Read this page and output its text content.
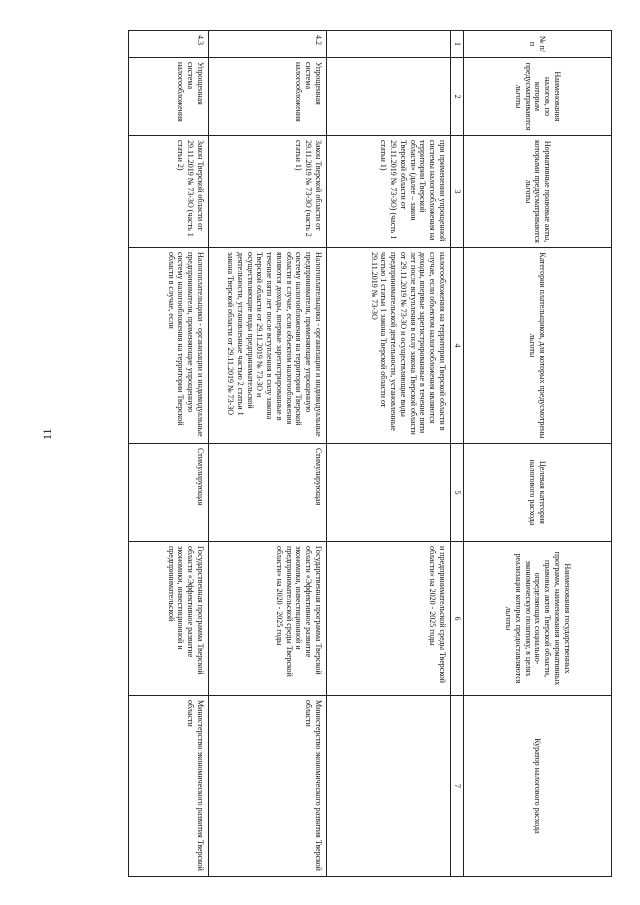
11
№ п/п	Наименования налогов, по которым предусматриваются льготы	Нормативные правовые акты, которыми предусматриваются льготы	Категории плательщиков, для которых предусмотрены льготы	Целевая категория налогового расхода	Наименования государственных программ, наименования нормативных правовых актов Тверской области, определяющих социально-экономическую политику, в целях реализации которых предоставляются льготы	Куратор налогового расхода
1	2	3	4	5	6	7
		при применении упрощенной системы налогообложения на территории Тверской области» (далее – закон Тверской области от 29.11.2019 № 73-ЗО) (часть 1 статьи 1)	налогообложения на территории Тверской области в случае, если объектом налогообложения являются доходы, впервые зарегистрированные в течение пяти лет после вступления в силу закона Тверской области от 29.11.2019 № 73-ЗО и осуществляющие виды предпринимательской деятельности, установленные частью 1 статьи 1 закона Тверской области от 29.11.2019 № 73-ЗО		и предпринимательской среды Тверской области» на 2020 - 2025 годы	
4.2	Упрощенная система налогообложения	Закон Тверской области от 29.11.2019 № 73-ЗО (часть 2 статьи 1)	Налогоплательщики - организации и индивидуальные предприниматели, применяющие упрощенную систему налогообложения на территории Тверской области в случае, если объектом налогообложения являются доходы, впервые зарегистрированные в течение пяти лет после вступления в силу закона Тверской области от 29.11.2019 № 73-ЗО и осуществляющие виды предпринимательской деятельности, установленные частью 2 статьи 1 закона Тверской области от 29.11.2019 № 73-ЗО	Стимулирующая	Государственная программа Тверской области «Эффективное развитие экономики, инвестиционной и предпринимательской среды Тверской области» на 2020 - 2025 годы	Министерство экономического развития Тверской области
4.3	Упрощенная система налогообложения	Закон Тверской области от 29.11.2019 № 73-ЗО (часть 1 статьи 2)	Налогоплательщики - организации и индивидуальные предприниматели, применяющие упрощенную систему налогообложения на территории Тверской области в случае, если	Стимулирующая	Государственная программа Тверской области «Эффективное развитие экономики, инвестиционной и предпринимательской	Министерство экономического развития Тверской области
